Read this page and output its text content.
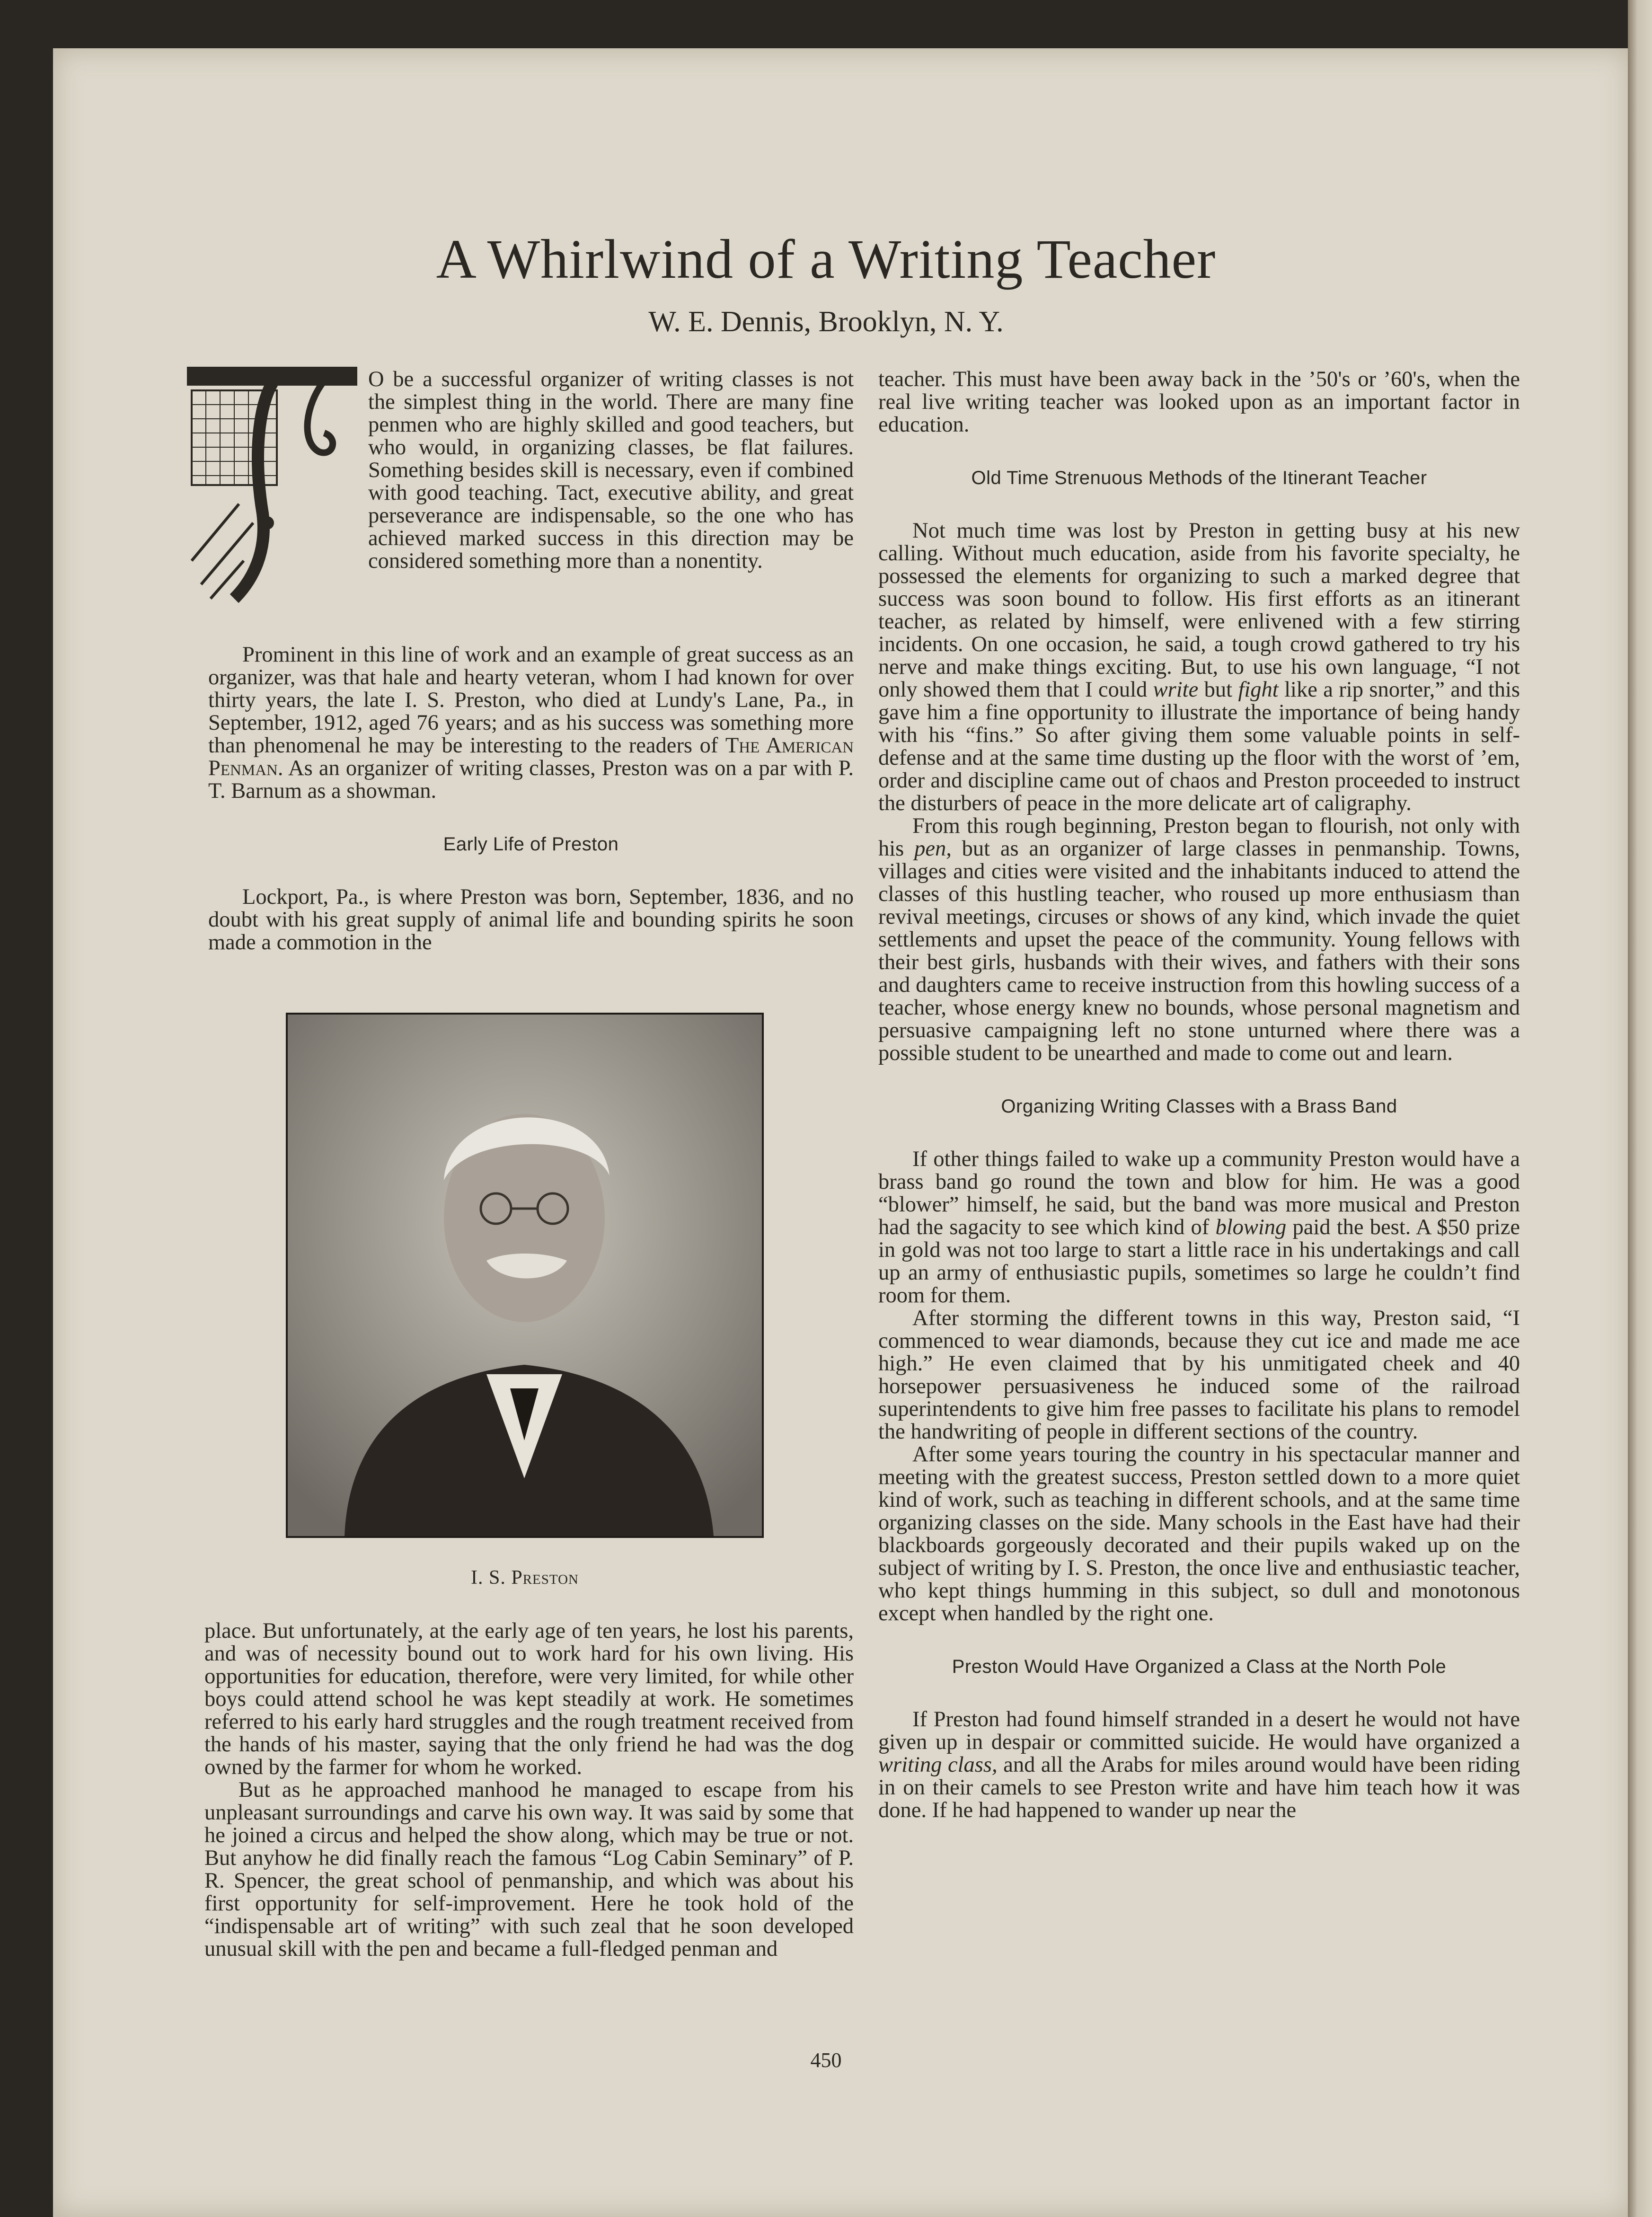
A Whirlwind of a Writing Teacher

W. E. Dennis, Brooklyn, N. Y.

O be a successful organizer of writing classes is not the simplest thing in the world. There are many fine penmen who are highly skilled and good teachers, but who would, in organizing classes, be flat failures. Something besides skill is necessary, even if combined with good teaching. Tact, executive ability, and great perseverance are indispensable, so the one who has achieved marked success in this direction may be considered something more than a nonentity.

Prominent in this line of work and an example of great success as an organizer, was that hale and hearty veteran, whom I had known for over thirty years, the late I. S. Preston, who died at Lundy's Lane, Pa., in September, 1912, aged 76 years; and as his success was something more than phenomenal he may be interesting to the readers of The American Penman. As an organizer of writing classes, Preston was on a par with P. T. Barnum as a showman.

Early Life of Preston

Lockport, Pa., is where Preston was born, September, 1836, and no doubt with his great supply of animal life and bounding spirits he soon made a commotion in the

I. S. Preston

place. But unfortunately, at the early age of ten years, he lost his parents, and was of necessity bound out to work hard for his own living. His opportunities for education, therefore, were very limited, for while other boys could attend school he was kept steadily at work. He sometimes referred to his early hard struggles and the rough treatment received from the hands of his master, saying that the only friend he had was the dog owned by the farmer for whom he worked.

But as he approached manhood he managed to escape from his unpleasant surroundings and carve his own way. It was said by some that he joined a circus and helped the show along, which may be true or not. But anyhow he did finally reach the famous “Log Cabin Seminary” of P. R. Spencer, the great school of penmanship, and which was about his first opportunity for self-improvement. Here he took hold of the “indispensable art of writing” with such zeal that he soon developed unusual skill with the pen and became a full-fledged penman and

teacher. This must have been away back in the ’50's or ’60's, when the real live writing teacher was looked upon as an important factor in education.

Old Time Strenuous Methods of the Itinerant Teacher

Not much time was lost by Preston in getting busy at his new calling. Without much education, aside from his favorite specialty, he possessed the elements for organizing to such a marked degree that success was soon bound to follow. His first efforts as an itinerant teacher, as related by himself, were enlivened with a few stirring incidents. On one occasion, he said, a tough crowd gathered to try his nerve and make things exciting. But, to use his own language, “I not only showed them that I could write but fight like a rip snorter,” and this gave him a fine opportunity to illustrate the importance of being handy with his “fins.” So after giving them some valuable points in self-defense and at the same time dusting up the floor with the worst of ’em, order and discipline came out of chaos and Preston proceeded to instruct the disturbers of peace in the more delicate art of caligraphy.

From this rough beginning, Preston began to flourish, not only with his pen, but as an organizer of large classes in penmanship. Towns, villages and cities were visited and the inhabitants induced to attend the classes of this hustling teacher, who roused up more enthusiasm than revival meetings, circuses or shows of any kind, which invade the quiet settlements and upset the peace of the community. Young fellows with their best girls, husbands with their wives, and fathers with their sons and daughters came to receive instruction from this howling success of a teacher, whose energy knew no bounds, whose personal magnetism and persuasive campaigning left no stone unturned where there was a possible student to be unearthed and made to come out and learn.

Organizing Writing Classes with a Brass Band

If other things failed to wake up a community Preston would have a brass band go round the town and blow for him. He was a good “blower” himself, he said, but the band was more musical and Preston had the sagacity to see which kind of blowing paid the best. A $50 prize in gold was not too large to start a little race in his undertakings and call up an army of enthusiastic pupils, sometimes so large he couldn’t find room for them.

After storming the different towns in this way, Preston said, “I commenced to wear diamonds, because they cut ice and made me ace high.” He even claimed that by his unmitigated cheek and 40 horsepower persuasiveness he induced some of the railroad superintendents to give him free passes to facilitate his plans to remodel the handwriting of people in different sections of the country.

After some years touring the country in his spectacular manner and meeting with the greatest success, Preston settled down to a more quiet kind of work, such as teaching in different schools, and at the same time organizing classes on the side. Many schools in the East have had their blackboards gorgeously decorated and their pupils waked up on the subject of writing by I. S. Preston, the once live and enthusiastic teacher, who kept things humming in this subject, so dull and monotonous except when handled by the right one.

Preston Would Have Organized a Class at the North Pole

If Preston had found himself stranded in a desert he would not have given up in despair or committed suicide. He would have organized a writing class, and all the Arabs for miles around would have been riding in on their camels to see Preston write and have him teach how it was done. If he had happened to wander up near the

450
